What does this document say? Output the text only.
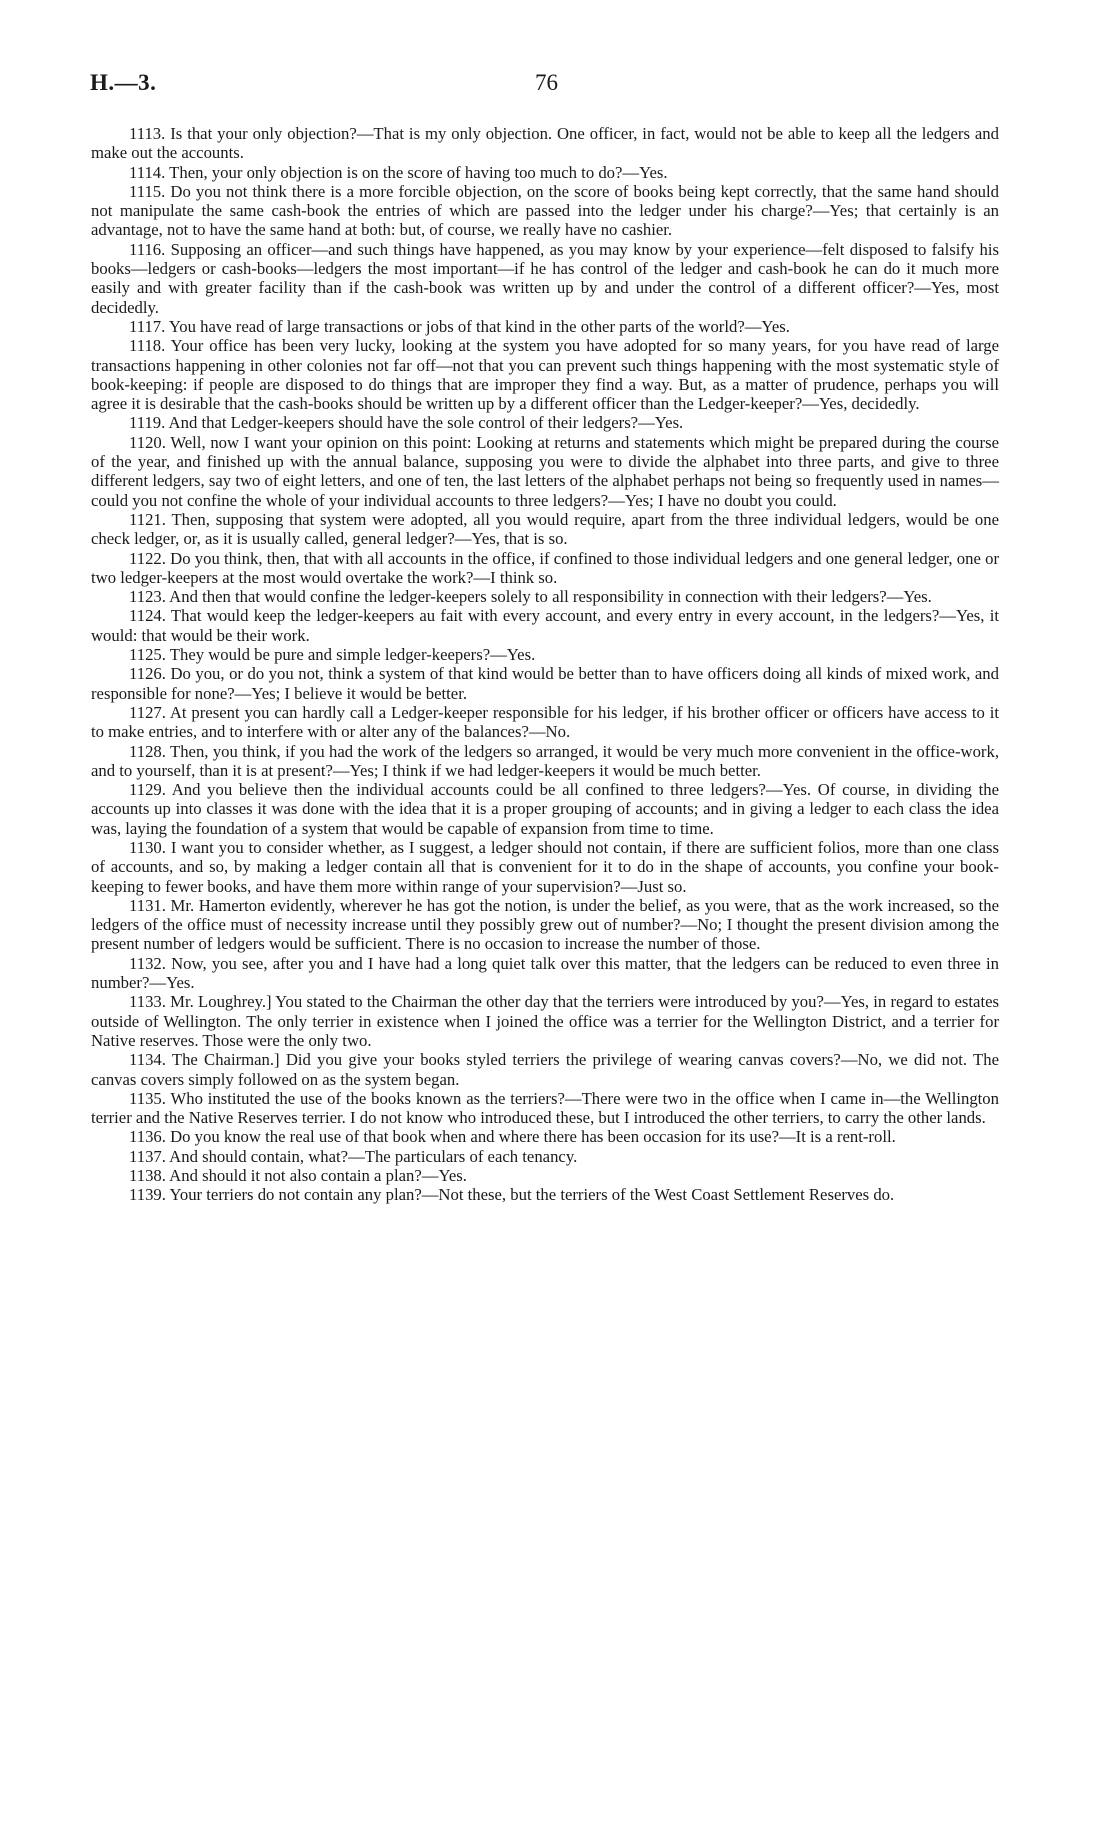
H.—3.	76

1113. Is that your only objection?—That is my only objection. One officer, in fact, would not be able to keep all the ledgers and make out the accounts.

1114. Then, your only objection is on the score of having too much to do?—Yes.

1115. Do you not think there is a more forcible objection, on the score of books being kept correctly, that the same hand should not manipulate the same cash-book the entries of which are passed into the ledger under his charge?—Yes; that certainly is an advantage, not to have the same hand at both: but, of course, we really have no cashier.

1116. Supposing an officer—and such things have happened, as you may know by your experience—felt disposed to falsify his books—ledgers or cash-books—ledgers the most important—if he has control of the ledger and cash-book he can do it much more easily and with greater facility than if the cash-book was written up by and under the control of a different officer?—Yes, most decidedly.

1117. You have read of large transactions or jobs of that kind in the other parts of the world?—Yes.

1118. Your office has been very lucky, looking at the system you have adopted for so many years, for you have read of large transactions happening in other colonies not far off—not that you can prevent such things happening with the most systematic style of book-keeping: if people are disposed to do things that are improper they find a way. But, as a matter of prudence, perhaps you will agree it is desirable that the cash-books should be written up by a different officer than the Ledger-keeper?—Yes, decidedly.

1119. And that Ledger-keepers should have the sole control of their ledgers?—Yes.

1120. Well, now I want your opinion on this point: Looking at returns and statements which might be prepared during the course of the year, and finished up with the annual balance, supposing you were to divide the alphabet into three parts, and give to three different ledgers, say two of eight letters, and one of ten, the last letters of the alphabet perhaps not being so frequently used in names—could you not confine the whole of your individual accounts to three ledgers?—Yes; I have no doubt you could.

1121. Then, supposing that system were adopted, all you would require, apart from the three individual ledgers, would be one check ledger, or, as it is usually called, general ledger?—Yes, that is so.

1122. Do you think, then, that with all accounts in the office, if confined to those individual ledgers and one general ledger, one or two ledger-keepers at the most would overtake the work?—I think so.

1123. And then that would confine the ledger-keepers solely to all responsibility in connection with their ledgers?—Yes.

1124. That would keep the ledger-keepers au fait with every account, and every entry in every account, in the ledgers?—Yes, it would: that would be their work.

1125. They would be pure and simple ledger-keepers?—Yes.

1126. Do you, or do you not, think a system of that kind would be better than to have officers doing all kinds of mixed work, and responsible for none?—Yes; I believe it would be better.

1127. At present you can hardly call a Ledger-keeper responsible for his ledger, if his brother officer or officers have access to it to make entries, and to interfere with or alter any of the balances?—No.

1128. Then, you think, if you had the work of the ledgers so arranged, it would be very much more convenient in the office-work, and to yourself, than it is at present?—Yes; I think if we had ledger-keepers it would be much better.

1129. And you believe then the individual accounts could be all confined to three ledgers?—Yes. Of course, in dividing the accounts up into classes it was done with the idea that it is a proper grouping of accounts; and in giving a ledger to each class the idea was, laying the foundation of a system that would be capable of expansion from time to time.

1130. I want you to consider whether, as I suggest, a ledger should not contain, if there are sufficient folios, more than one class of accounts, and so, by making a ledger contain all that is convenient for it to do in the shape of accounts, you confine your book-keeping to fewer books, and have them more within range of your supervision?—Just so.

1131. Mr. Hamerton evidently, wherever he has got the notion, is under the belief, as you were, that as the work increased, so the ledgers of the office must of necessity increase until they possibly grew out of number?—No; I thought the present division among the present number of ledgers would be sufficient. There is no occasion to increase the number of those.

1132. Now, you see, after you and I have had a long quiet talk over this matter, that the ledgers can be reduced to even three in number?—Yes.

1133. Mr. Loughrey.] You stated to the Chairman the other day that the terriers were introduced by you?—Yes, in regard to estates outside of Wellington. The only terrier in existence when I joined the office was a terrier for the Wellington District, and a terrier for Native reserves. Those were the only two.

1134. The Chairman.] Did you give your books styled terriers the privilege of wearing canvas covers?—No, we did not. The canvas covers simply followed on as the system began.

1135. Who instituted the use of the books known as the terriers?—There were two in the office when I came in—the Wellington terrier and the Native Reserves terrier. I do not know who introduced these, but I introduced the other terriers, to carry the other lands.

1136. Do you know the real use of that book when and where there has been occasion for its use?—It is a rent-roll.

1137. And should contain, what?—The particulars of each tenancy.

1138. And should it not also contain a plan?—Yes.

1139. Your terriers do not contain any plan?—Not these, but the terriers of the West Coast Settlement Reserves do.
